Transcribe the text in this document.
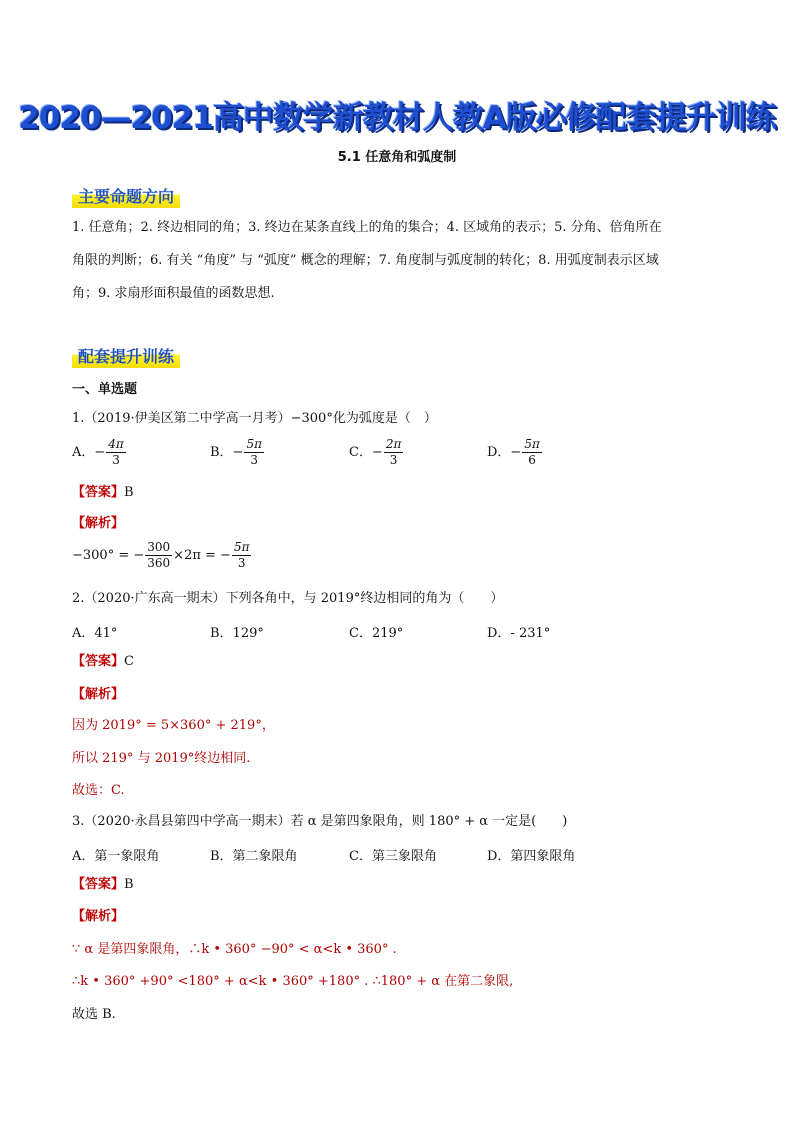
2020—2021高中数学新教材人教A版必修配套提升训练
5.1 任意角和弧度制
主要命题方向
1. 任意角；2. 终边相同的角；3. 终边在某条直线上的角的集合；4. 区域角的表示；5. 分角、倍角所在
角限的判断；6. 有关 “角度” 与 “弧度” 概念的理解；7. 角度制与弧度制的转化；8. 用弧度制表示区域
角；9. 求扇形面积最值的函数思想.
配套提升训练
一、单选题
1.（2019·伊美区第二中学高一月考）−300°化为弧度是（　）
A．− $\frac{4\pi}{3}$	B．− $\frac{5\pi}{3}$	C．− $\frac{2\pi}{3}$	D．− $\frac{5\pi}{6}$
【答案】B
【解析】
−300° = − $\frac{300}{360} \times 2\pi$ = − $\frac{5\pi}{3}$
2.（2020·广东高一期末）下列各角中，与 2019°终边相同的角为（　　）
A．41°	B．129°	C．219°	D．- 231°
【答案】C
【解析】
因为 2019° = 5×360° + 219°，
所以 219° 与 2019°终边相同.
故选：C.
3.（2020·永昌县第四中学高一期末）若 α 是第四象限角，则 180° + α 一定是(　　)
A．第一象限角	B．第二象限角	C．第三象限角	D．第四象限角
【答案】B
【解析】
∵ α 是第四象限角，∴k • 360° −90° < α<k • 360° .
∴k • 360° +90° <180° + α<k • 360° +180° . ∴180° + α 在第二象限,
故选 B.
